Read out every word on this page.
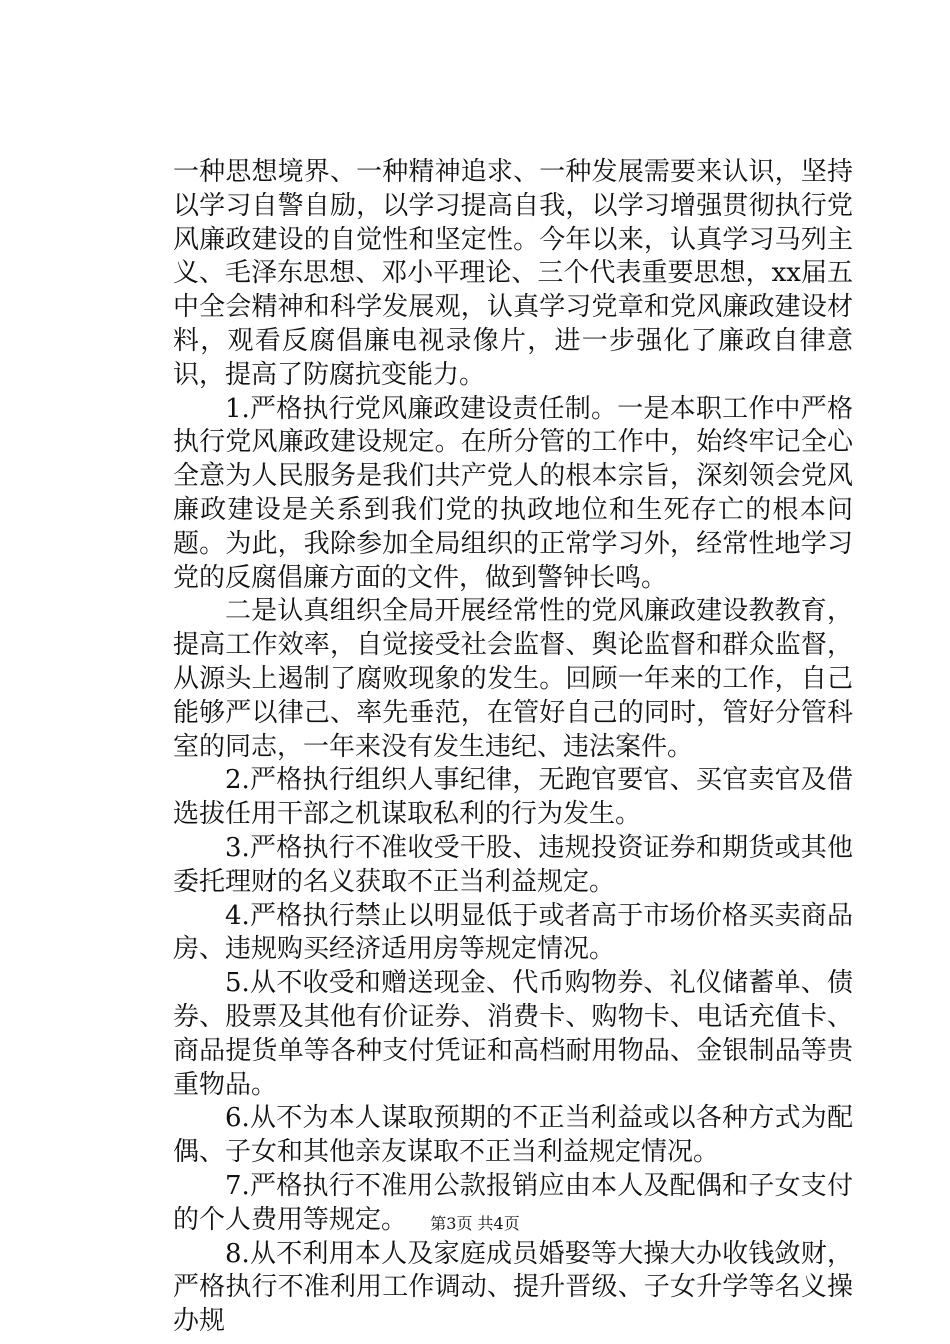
一种思想境界、一种精神追求、一种发展需要来认识，坚持以学习自警自励，以学习提高自我，以学习增强贯彻执行党风廉政建设的自觉性和坚定性。今年以来，认真学习马列主义、毛泽东思想、邓小平理论、三个代表重要思想，xx届五中全会精神和科学发展观，认真学习党章和党风廉政建设材料，观看反腐倡廉电视录像片，进一步强化了廉政自律意识，提高了防腐抗变能力。

1.严格执行党风廉政建设责任制。一是本职工作中严格执行党风廉政建设规定。在所分管的工作中，始终牢记全心全意为人民服务是我们共产党人的根本宗旨，深刻领会党风廉政建设是关系到我们党的执政地位和生死存亡的根本问题。为此，我除参加全局组织的正常学习外，经常性地学习党的反腐倡廉方面的文件，做到警钟长鸣。

二是认真组织全局开展经常性的党风廉政建设教教育，提高工作效率，自觉接受社会监督、舆论监督和群众监督，从源头上遏制了腐败现象的发生。回顾一年来的工作，自己能够严以律己、率先垂范，在管好自己的同时，管好分管科室的同志，一年来没有发生违纪、违法案件。

2.严格执行组织人事纪律，无跑官要官、买官卖官及借选拔任用干部之机谋取私利的行为发生。

3.严格执行不准收受干股、违规投资证券和期货或其他委托理财的名义获取不正当利益规定。

4.严格执行禁止以明显低于或者高于市场价格买卖商品房、违规购买经济适用房等规定情况。

5.从不收受和赠送现金、代币购物券、礼仪储蓄单、债券、股票及其他有价证券、消费卡、购物卡、电话充值卡、商品提货单等各种支付凭证和高档耐用物品、金银制品等贵重物品。

6.从不为本人谋取预期的不正当利益或以各种方式为配偶、子女和其他亲友谋取不正当利益规定情况。

7.严格执行不准用公款报销应由本人及配偶和子女支付的个人费用等规定。

8.从不利用本人及家庭成员婚娶等大操大办收钱敛财，严格执行不准利用工作调动、提升晋级、子女升学等名义操办规

第3页 共4页
